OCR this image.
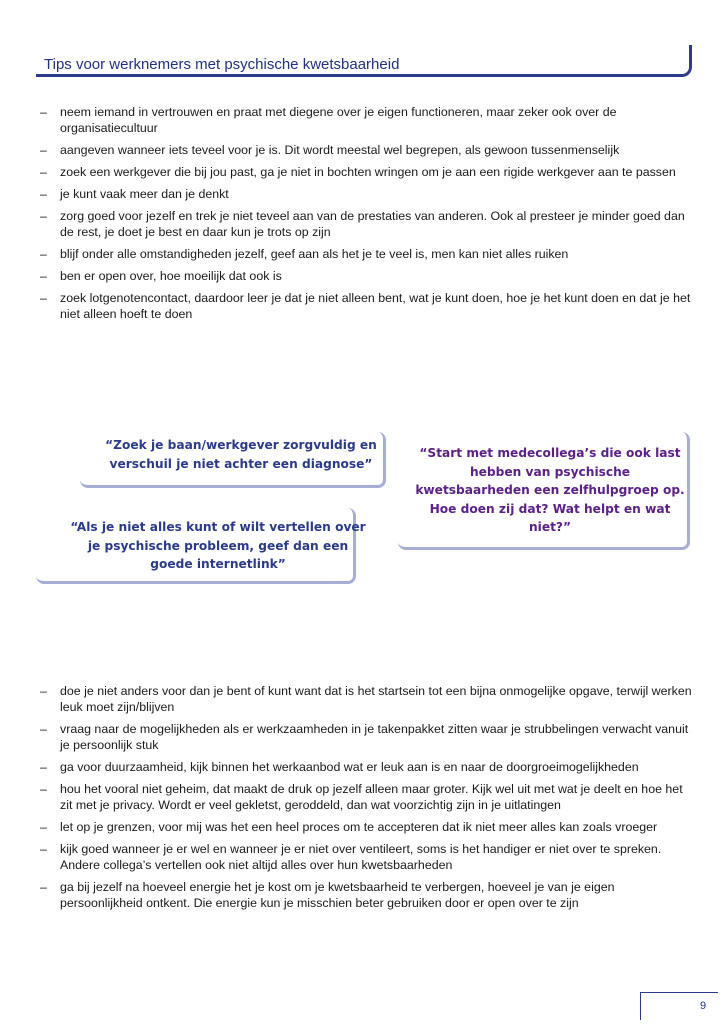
Tips voor werknemers met psychische kwetsbaarheid
– neem iemand in vertrouwen en praat met diegene over je eigen functioneren, maar zeker ook over de organisatiecultuur
– aangeven wanneer iets teveel voor je is. Dit wordt meestal wel begrepen, als gewoon tussenmenselijk
– zoek een werkgever die bij jou past, ga je niet in bochten wringen om je aan een rigide werkgever aan te passen
– je kunt vaak meer dan je denkt
– zorg goed voor jezelf en trek je niet teveel aan van de prestaties van anderen. Ook al presteer je minder goed dan de rest, je doet je best en daar kun je trots op zijn
– blijf onder alle omstandigheden jezelf, geef aan als het je te veel is, men kan niet alles ruiken
– ben er open over, hoe moeilijk dat ook is
– zoek lotgenotencontact, daardoor leer je dat je niet alleen bent, wat je kunt doen, hoe je het kunt doen en dat je het niet alleen hoeft te doen
“Zoek je baan/werkgever zorgvuldig en verschuil je niet achter een diagnose”
“Als je niet alles kunt of wilt vertellen over je psychische probleem, geef dan een goede internetlink”
“Start met medecollega’s die ook last hebben van psychische kwetsbaarheden een zelfhulpgroep op. Hoe doen zij dat? Wat helpt en wat niet?”
– doe je niet anders voor dan je bent of kunt want dat is het startsein tot een bijna onmogelijke opgave, terwijl werken leuk moet zijn/blijven
– vraag naar de mogelijkheden als er werkzaamheden in je takenpakket zitten waar je strubbelingen verwacht vanuit je persoonlijk stuk
– ga voor duurzaamheid, kijk binnen het werkaanbod wat er leuk aan is en naar de doorgroeimogelijkheden
– hou het vooral niet geheim, dat maakt de druk op jezelf alleen maar groter. Kijk wel uit met wat je deelt en hoe het zit met je privacy. Wordt er veel gekletst, geroddeld, dan wat voorzichtig zijn in je uitlatingen
– let op je grenzen, voor mij was het een heel proces om te accepteren dat ik niet meer alles kan zoals vroeger
– kijk goed wanneer je er wel en wanneer je er niet over ventileert, soms is het handiger er niet over te spreken. Andere collega’s vertellen ook niet altijd alles over hun kwetsbaarheden
– ga bij jezelf na hoeveel energie het je kost om je kwetsbaarheid te verbergen, hoeveel je van je eigen persoonlijkheid ontkent. Die energie kun je misschien beter gebruiken door er open over te zijn
9
